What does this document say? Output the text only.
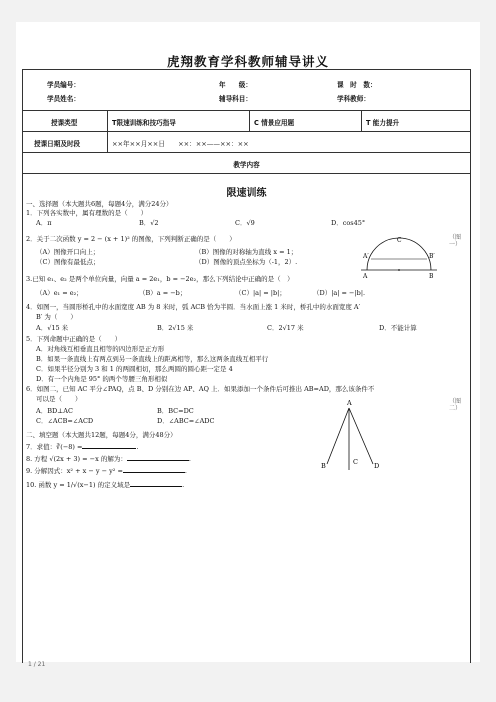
虎翔教育学科教师辅导讲义
学员编号：	年　　级：	课　时　数：
学员姓名：	辅导科目：	学科教师：
授课类型	T限速训练和技巧指导	C 情景应用题	T 能力提升
授课日期及时段	××年××月××日　　××：××——××：××
教学内容
限速训练
一、选择题（本大题共6题，每题4分，满分24分）
1．下列各实数中，属有理数的是（　　）
A．π	B．√2	C．√9	D．cos45°
2．关于二次函数 y = 2 − (x + 1)² 的图像，下列判断正确的是（　　）
（A）图像开口向上；	（B）图像的对称轴为直线 x = 1；
（C）图像有最低点；	（D）图像的顶点坐标为（-1，2）.
C
A′	B′
A	B
（图一）
3.已知 e₁、e₂ 是两个单位向量，向量 a = 2e₁，b = −2e₂，那么下列结论中正确的是（　）
（A）e₁ = e₂；	（B）a = −b；	（C）|a| = |b|；	（D）|a| = −|b|.
4．如图一，当圆形桥孔中的水面宽度 AB 为 8 米时，弧 ACB 恰为半圆．当水面上涨 1 米时，桥孔中的水面宽度 A′
B′ 为（　　）
A．√15 米	B．2√15 米	C．2√17 米	D．不能计算
5．下列命题中正确的是（　　）
A．对角线互相垂直且相等的四边形是正方形
B．如果一条直线上有两点到另一条直线上的距离相等，那么这两条直线互相平行
C．如果半径分别为 3 和 1 的两圆相切，那么两圆的圆心距一定是 4
D．有一个内角是 95° 的两个等腰三角形相似
6．如图二，已知 AC 平分∠PAQ，点 B、D 分别在边 AP、AQ 上．如果添加一个条件后可推出 AB=AD，那么该条件不
可以是（　　）
A．BD⊥AC	B．BC=DC
C．∠ACB=∠ACD	D．∠ABC=∠ADC
A
B	C D
（图二）
二、填空题（本大题共12题，每题4分，满分48分）
7．求值：∛(−8) =	.
8. 方程 √(2x + 3) = −x 的解为：	.
9. 分解因式：x² + x − y − y² =	.
10. 函数 y = 1/√(x−1) 的定义域是	.
1 / 21
